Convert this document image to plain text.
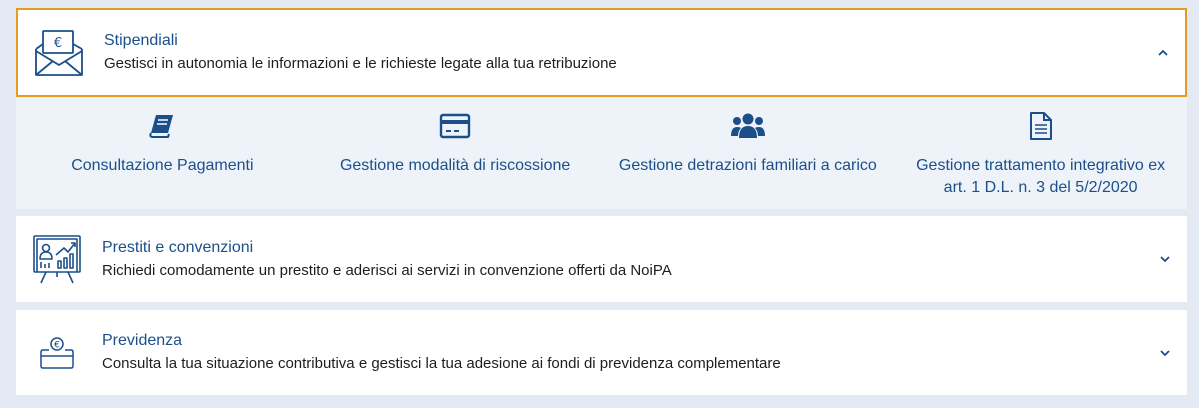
€	Stipendiali
Gestisci in autonomia le informazioni e le richieste legate alla tua retribuzione
Consultazione Pagamenti	Gestione modalità di riscossione	Gestione detrazioni familiari a carico Gestione trattamento integrativo ex
art. 1 D.L. n. 3 del 5/2/2020
Prestiti e convenzioni
Richiedi comodamente un prestito e aderisci ai servizi in convenzione offerti da NoiPA
€	Previdenza
Consulta la tua situazione contributiva e gestisci la tua adesione ai fondi di previdenza complementare
